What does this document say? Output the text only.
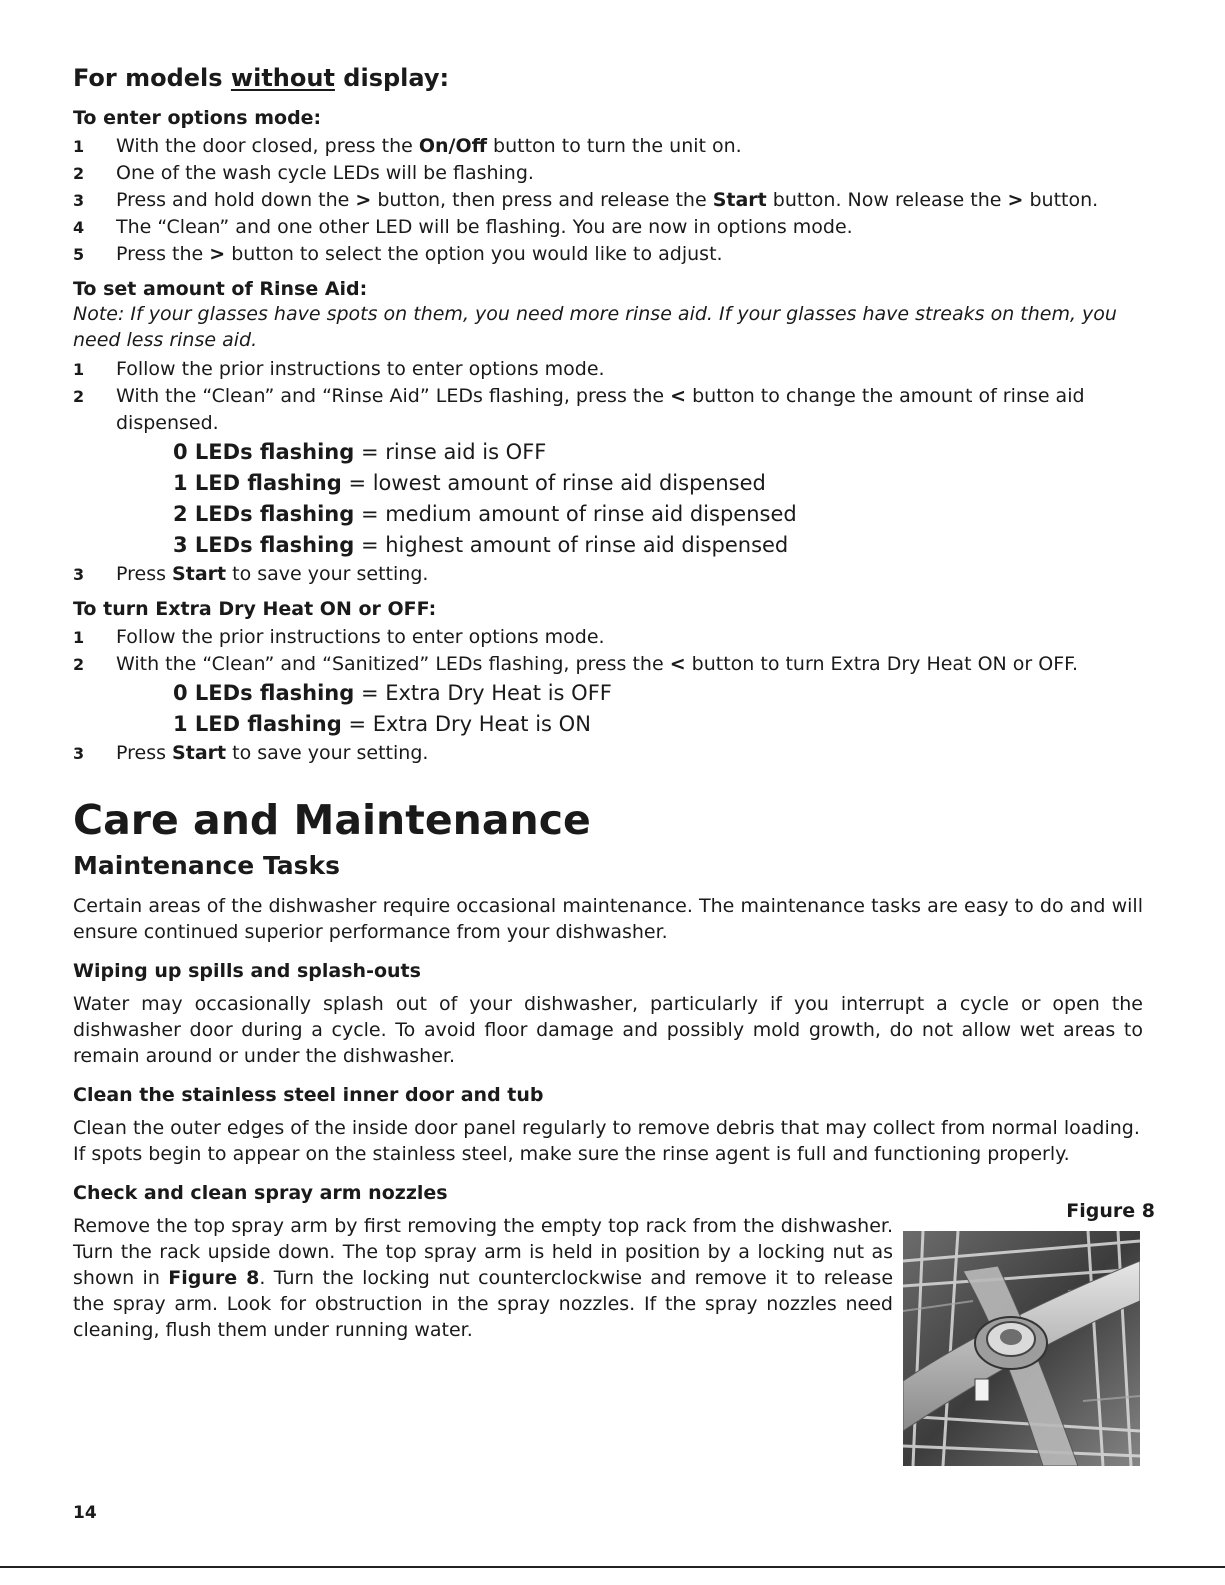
For models without display:
To enter options mode:
1 With the door closed, press the On/Off button to turn the unit on.
2 One of the wash cycle LEDs will be flashing.
3 Press and hold down the > button, then press and release the Start button. Now release the > button.
4 The “Clean” and one other LED will be flashing. You are now in options mode.
5 Press the > button to select the option you would like to adjust.
To set amount of Rinse Aid:

Note: If your glasses have spots on them, you need more rinse aid. If your glasses have streaks on them, you need less rinse aid.

1 Follow the prior instructions to enter options mode.
2 With the “Clean” and “Rinse Aid” LEDs flashing, press the < button to change the amount of rinse aid dispensed.
0 LEDs flashing = rinse aid is OFF
1 LED flashing = lowest amount of rinse aid dispensed
2 LEDs flashing = medium amount of rinse aid dispensed
3 LEDs flashing = highest amount of rinse aid dispensed
3 Press Start to save your setting.
To turn Extra Dry Heat ON or OFF:
1 Follow the prior instructions to enter options mode.
2 With the “Clean” and “Sanitized” LEDs flashing, press the < button to turn Extra Dry Heat ON or OFF.
0 LEDs flashing = Extra Dry Heat is OFF
1 LED flashing = Extra Dry Heat is ON
3 Press Start to save your setting.
Care and Maintenance
Maintenance Tasks

Certain areas of the dishwasher require occasional maintenance. The maintenance tasks are easy to do and will ensure continued superior performance from your dishwasher.

Wiping up spills and splash-outs

Water may occasionally splash out of your dishwasher, particularly if you interrupt a cycle or open the dishwasher door during a cycle. To avoid floor damage and possibly mold growth, do not allow wet areas to remain around or under the dishwasher.

Clean the stainless steel inner door and tub

Clean the outer edges of the inside door panel regularly to remove debris that may collect from normal loading. If spots begin to appear on the stainless steel, make sure the rinse agent is full and functioning properly.

Check and clean spray arm nozzles

Remove the top spray arm by first removing the empty top rack from the dishwasher. Turn the rack upside down. The top spray arm is held in position by a locking nut as shown in Figure 8. Turn the locking nut counterclockwise and remove it to release the spray arm. Look for obstruction in the spray nozzles. If the spray nozzles need cleaning, flush them under running water.

Figure 8
14
